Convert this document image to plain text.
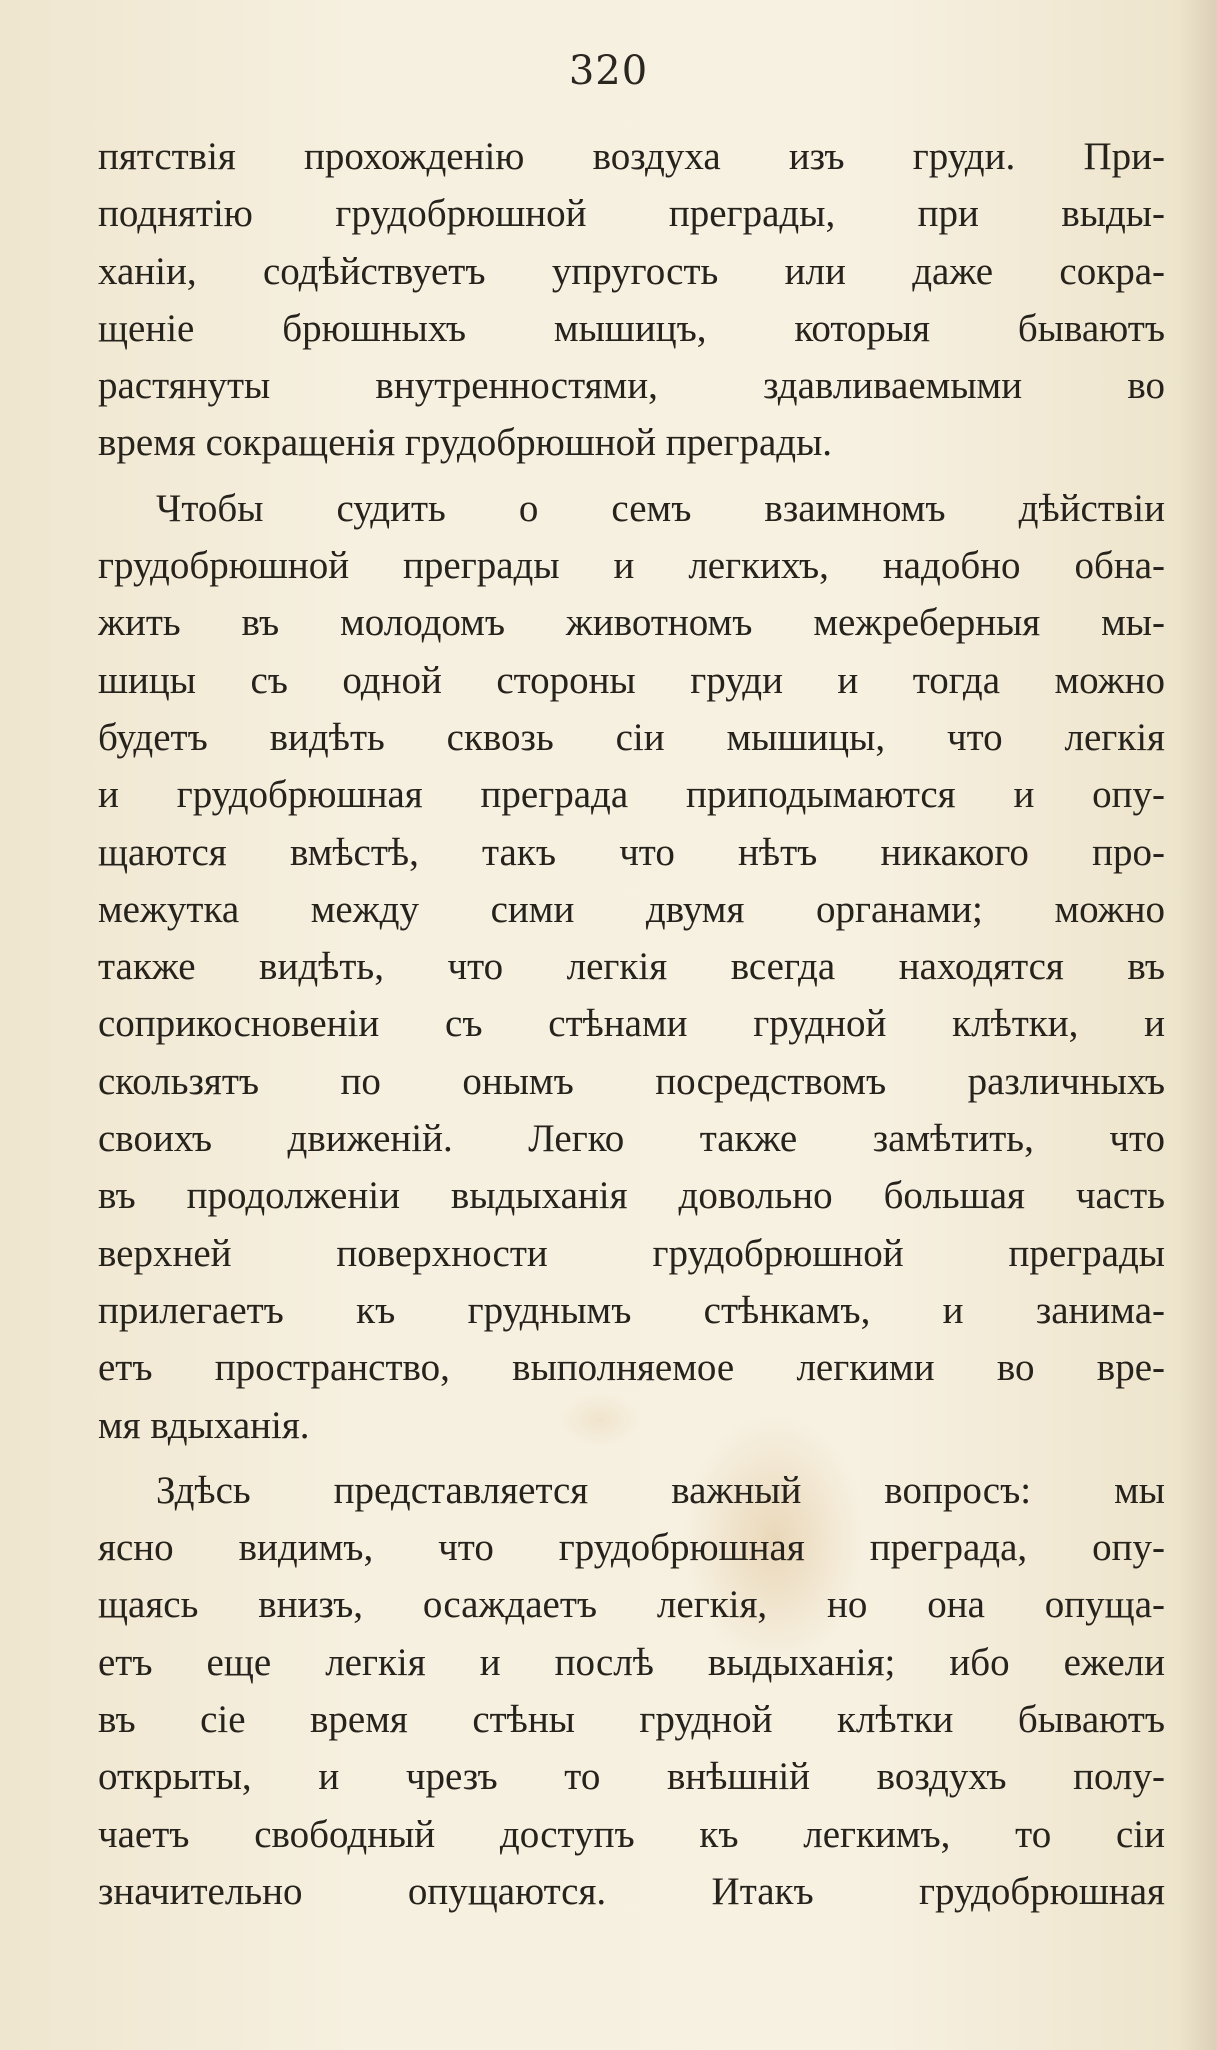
320
пятствія прохожденію воздуха изъ груди. При-
поднятію грудобрюшной преграды, при выды-
ханіи, содѣйствуетъ упругость или даже сокра-
щеніе брюшныхъ мышицъ, которыя бываютъ
растянуты внутренностями, здавливаемыми во
время сокращенія грудобрюшной преграды.
Чтобы судить о семъ взаимномъ дѣйствіи
грудобрюшной преграды и легкихъ, надобно обна-
жить въ молодомъ животномъ межреберныя мы-
шицы съ одной стороны груди и тогда можно
будетъ видѣть сквозь сіи мышицы, что легкія
и грудобрюшная преграда приподымаются и опу-
щаются вмѣстѣ, такъ что нѣтъ никакого про-
межутка между сими двумя органами; можно
также видѣть, что легкія всегда находятся въ
соприкосновеніи съ стѣнами грудной клѣтки, и
скользятъ по онымъ посредствомъ различныхъ
своихъ движеній. Легко также замѣтить, что
въ продолженіи выдыханія довольно большая часть
верхней поверхности грудобрюшной преграды
прилегаетъ къ груднымъ стѣнкамъ, и занима-
етъ пространство, выполняемое легкими во вре-
мя вдыханія.
Здѣсь представляется важный вопросъ: мы
ясно видимъ, что грудобрюшная преграда, опу-
щаясь внизъ, осаждаетъ легкія, но она опуща-
етъ еще легкія и послѣ выдыханія; ибо ежели
въ сіе время стѣны грудной клѣтки бываютъ
открыты, и чрезъ то внѣшній воздухъ полу-
чаетъ свободный доступъ къ легкимъ, то сіи
значительно опущаются. Итакъ грудобрюшная
